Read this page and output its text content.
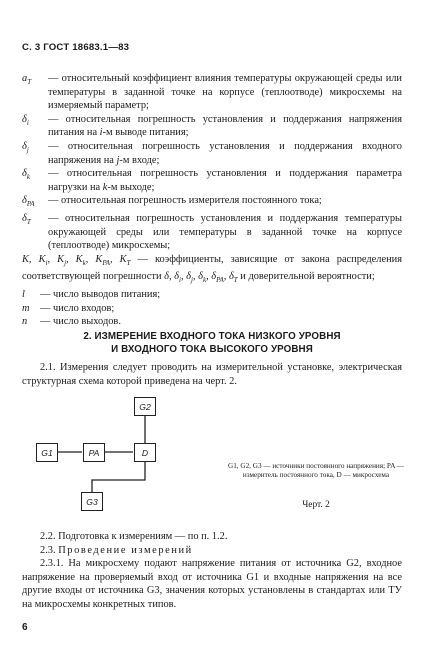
С. 3 ГОСТ 18683.1—83
$a_T$	— относительный коэффициент влияния температуры окружающей среды или температуры в заданной точке на корпусе (теплоотводе) микросхемы на измеряемый параметр;
$\delta_i$	— относительная погрешность установления и поддержания напряжения питания на i-м выводе питания;
$\delta_j$	— относительная погрешность установления и поддержания входного напряжения на j-м входе;
$\delta_k$	— относительная погрешность установления и поддержания параметра нагрузки на k-м выходе;
$\delta_{PA}$	— относительная погрешность измерителя постоянного тока;
$\delta_T$	— относительная погрешность установления и поддержания температуры окружающей среды или температуры в заданной точке на корпусе (теплоотводе) микросхемы;

K, $K_i$, $K_j$, $K_k$, $K_{PA}$, $K_T$ — коэффициенты, зависящие от закона распределения соответствующей погрешности δ, $\delta_i$, $\delta_j$, $\delta_k$, $\delta_{PA}$, $\delta_T$ и доверительной вероятности;

l	— число выводов питания;
m	— число входов;
n	— число выходов.
2. ИЗМЕРЕНИЕ ВХОДНОГО ТОКА НИЗКОГО УРОВНЯ
И ВХОДНОГО ТОКА ВЫСОКОГО УРОВНЯ

2.1. Измерения следует проводить на измерительной установке, электрическая структурная схема которой приведена на черт. 2.

G2
G1	PA	D
G3
G1, G2, G3 — источники постоянного напряжения; PA — измеритель постоянного тока, D — микросхема
Черт. 2

2.2. Подготовка к измерениям — по п. 1.2.

2.3. Проведение измерений

2.3.1. На микросхему подают напряжение питания от источника G2, входное напряжение на проверяемый вход от источника G1 и входные напряжения на все другие входы от источника G3, значения которых установлены в стандартах или ТУ на микросхемы конкретных типов.

6
